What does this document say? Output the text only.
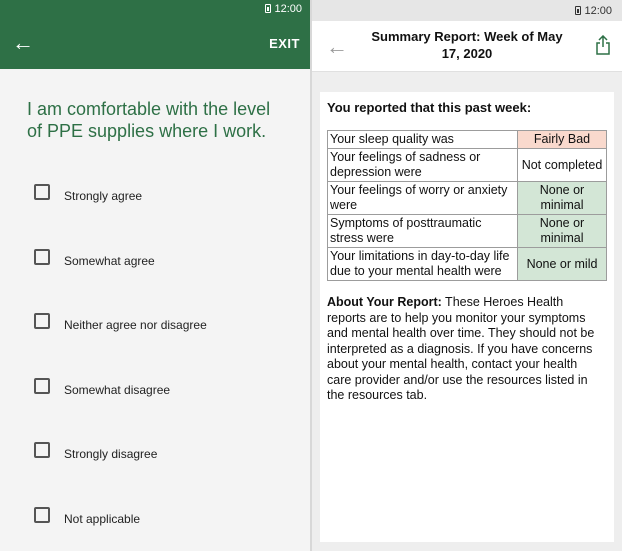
12:00
←	EXIT
I am comfortable with the level of PPE supplies where I work.
Strongly agree
Somewhat agree
Neither agree nor disagree
Somewhat disagree
Strongly disagree
Not applicable
12:00
←	Summary Report: Week of May 17, 2020
You reported that this past week:
Your sleep quality was	Fairly Bad
Your feelings of sadness or depression were	Not completed
Your feelings of worry or anxiety were	None or minimal
Symptoms of posttraumatic stress were	None or minimal
Your limitations in day-to-day life due to your mental health were	None or mild
About Your Report: These Heroes Health reports are to help you monitor your symptoms and mental health over time. They should not be interpreted as a diagnosis. If you have concerns about your mental health, contact your health care provider and/or use the resources listed in the resources tab.
